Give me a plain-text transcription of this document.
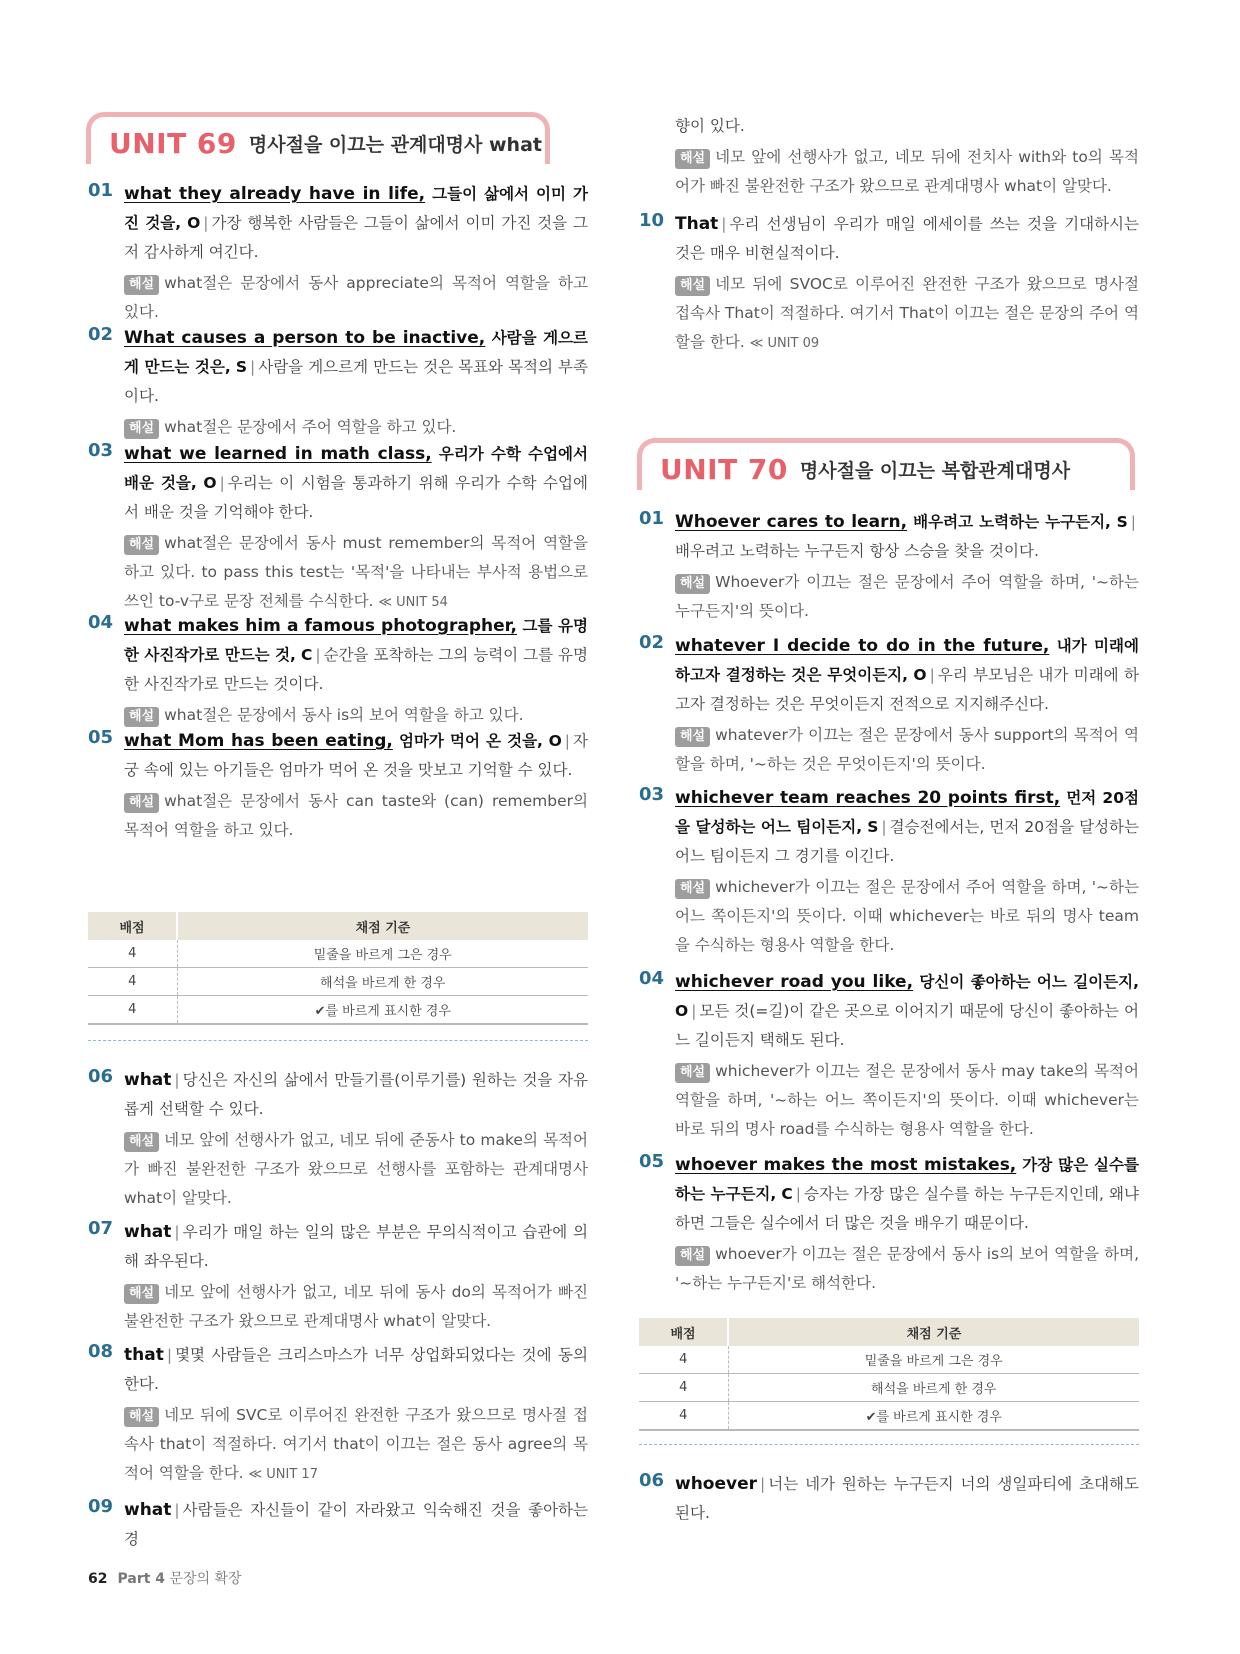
UNIT 69 명사절을 이끄는 관계대명사 what
01 what they already have in life, 그들이 삶에서 이미 가진 것을, O | 가장 행복한 사람들은 그들이 삶에서 이미 가진 것을 그저 감사하게 여긴다.

해설 what절은 문장에서 동사 appreciate의 목적어 역할을 하고 있다.

02 What causes a person to be inactive, 사람을 게으르게 만드는 것은, S | 사람을 게으르게 만드는 것은 목표와 목적의 부족 이다.

해설 what절은 문장에서 주어 역할을 하고 있다.

03 what we learned in math class, 우리가 수학 수업에서 배운 것을, O | 우리는 이 시험을 통과하기 위해 우리가 수학 수업에서 배운 것을 기억해야 한다.

해설 what절은 문장에서 동사 must remember의 목적어 역할을 하고 있다. to pass this test는 '목적'을 나타내는 부사적 용법으로 쓰인 to-v구로 문장 전체를 수식한다. ≪ UNIT 54

04 what makes him a famous photographer, 그를 유명한 사진작가로 만드는 것, C | 순간을 포착하는 그의 능력이 그를 유명한 사진작가로 만드는 것이다.

해설 what절은 문장에서 동사 is의 보어 역할을 하고 있다.

05 what Mom has been eating, 엄마가 먹어 온 것을, O | 자궁 속에 있는 아기들은 엄마가 먹어 온 것을 맛보고 기억할 수 있다.

해설 what절은 문장에서 동사 can taste와 (can) remember의 목적어 역할을 하고 있다.

배점	채점 기준
4	밑줄을 바르게 그은 경우
4	해석을 바르게 한 경우
4	✔를 바르게 표시한 경우
06 what | 당신은 자신의 삶에서 만들기를(이루기를) 원하는 것을 자유롭게 선택할 수 있다.

해설 네모 앞에 선행사가 없고, 네모 뒤에 준동사 to make의 목적어가 빠진 불완전한 구조가 왔으므로 선행사를 포함하는 관계대명사 what이 알맞다.

07 what | 우리가 매일 하는 일의 많은 부분은 무의식적이고 습관에 의해 좌우된다.

해설 네모 앞에 선행사가 없고, 네모 뒤에 동사 do의 목적어가 빠진 불완전한 구조가 왔으므로 관계대명사 what이 알맞다.

08 that | 몇몇 사람들은 크리스마스가 너무 상업화되었다는 것에 동의한다.

해설 네모 뒤에 SVC로 이루어진 완전한 구조가 왔으므로 명사절 접속사 that이 적절하다. 여기서 that이 이끄는 절은 동사 agree의 목적어 역할을 한다. ≪ UNIT 17

09 what | 사람들은 자신들이 같이 자라왔고 익숙해진 것을 좋아하는 경

향이 있다.

해설 네모 앞에 선행사가 없고, 네모 뒤에 전치사 with와 to의 목적어가 빠진 불완전한 구조가 왔으므로 관계대명사 what이 알맞다.

10 That | 우리 선생님이 우리가 매일 에세이를 쓰는 것을 기대하시는 것은 매우 비현실적이다.

해설 네모 뒤에 SVOC로 이루어진 완전한 구조가 왔으므로 명사절 접속사 That이 적절하다. 여기서 That이 이끄는 절은 문장의 주어 역할을 한다. ≪ UNIT 09

UNIT 70 명사절을 이끄는 복합관계대명사
01 Whoever cares to learn, 배우려고 노력하는 누구든지, S |배우려고 노력하는 누구든지 항상 스승을 찾을 것이다.

해설 Whoever가 이끄는 절은 문장에서 주어 역할을 하며, '~하는 누구든지'의 뜻이다.

02 whatever I decide to do in the future, 내가 미래에 하고자 결정하는 것은 무엇이든지, O | 우리 부모님은 내가 미래에 하고자 결정하는 것은 무엇이든지 전적으로 지지해주신다.

해설 whatever가 이끄는 절은 문장에서 동사 support의 목적어 역할을 하며, '~하는 것은 무엇이든지'의 뜻이다.

03 whichever team reaches 20 points first, 먼저 20점을 달성하는 어느 팀이든지, S | 결승전에서는, 먼저 20점을 달성하는 어느 팀이든지 그 경기를 이긴다.

해설 whichever가 이끄는 절은 문장에서 주어 역할을 하며, '~하는 어느 쪽이든지'의 뜻이다. 이때 whichever는 바로 뒤의 명사 team을 수식하는 형용사 역할을 한다.

04 whichever road you like, 당신이 좋아하는 어느 길이든지, O | 모든 것(=길)이 같은 곳으로 이어지기 때문에 당신이 좋아하는 어느 길이든지 택해도 된다.

해설 whichever가 이끄는 절은 문장에서 동사 may take의 목적어 역할을 하며, '~하는 어느 쪽이든지'의 뜻이다. 이때 whichever는 바로 뒤의 명사 road를 수식하는 형용사 역할을 한다.

05 whoever makes the most mistakes, 가장 많은 실수를 하는 누구든지, C | 승자는 가장 많은 실수를 하는 누구든지인데, 왜냐하면 그들은 실수에서 더 많은 것을 배우기 때문이다.

해설 whoever가 이끄는 절은 문장에서 동사 is의 보어 역할을 하며, '~하는 누구든지'로 해석한다.

배점	채점 기준
4	밑줄을 바르게 그은 경우
4	해석을 바르게 한 경우
4	✔를 바르게 표시한 경우
06 whoever | 너는 네가 원하는 누구든지 너의 생일파티에 초대해도 된다.

62 Part 4 문장의 확장
